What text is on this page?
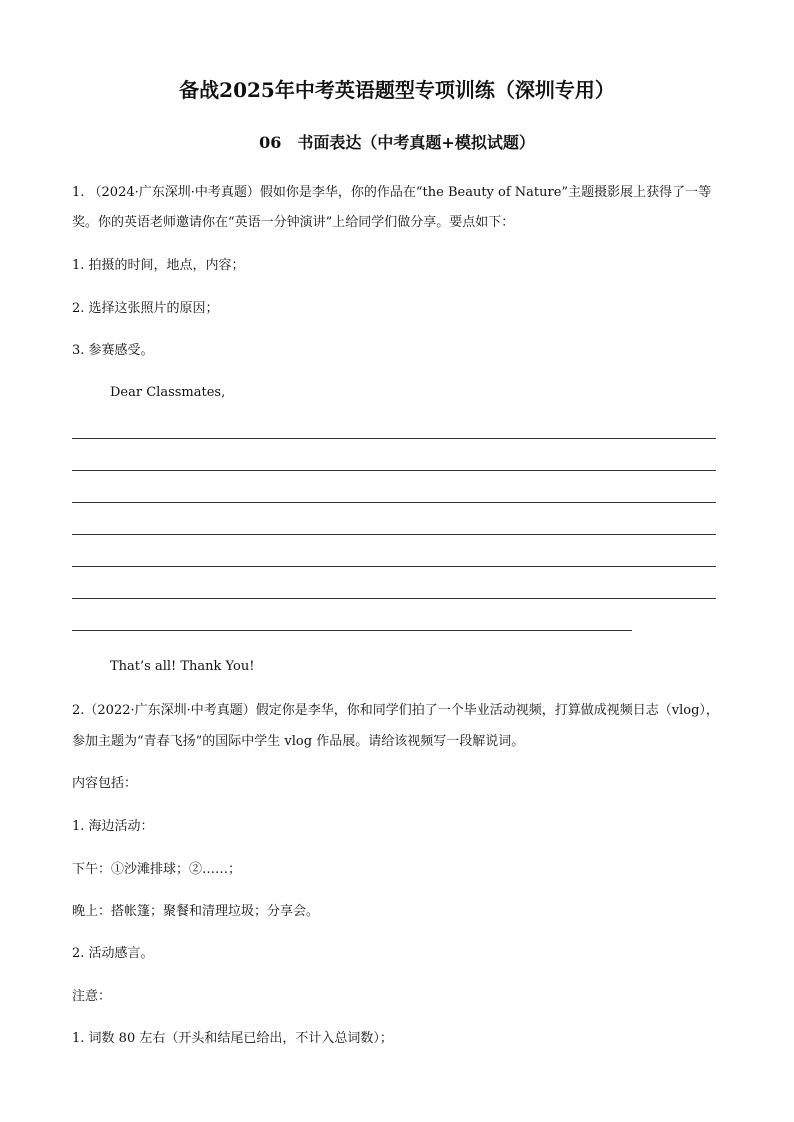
备战2025年中考英语题型专项训练（深圳专用）
06　书面表达（中考真题+模拟试题）
1. （2024·广东深圳·中考真题）假如你是李华，你的作品在“the Beauty of Nature”主题摄影展上获得了一等
奖。你的英语老师邀请你在“英语一分钟演讲”上给同学们做分享。要点如下：
1. 拍摄的时间，地点，内容；
2. 选择这张照片的原因；
3. 参赛感受。
Dear Classmates,
That’s all! Thank You!
2.（2022·广东深圳·中考真题）假定你是李华，你和同学们拍了一个毕业活动视频，打算做成视频日志（vlog），
参加主题为“青春飞扬”的国际中学生 vlog 作品展。请给该视频写一段解说词。
内容包括：
1. 海边活动：
下午：①沙滩排球；②……；
晚上：搭帐篷；聚餐和清理垃圾；分享会。
2. 活动感言。
注意：
1. 词数 80 左右（开头和结尾已给出，不计入总词数）；
